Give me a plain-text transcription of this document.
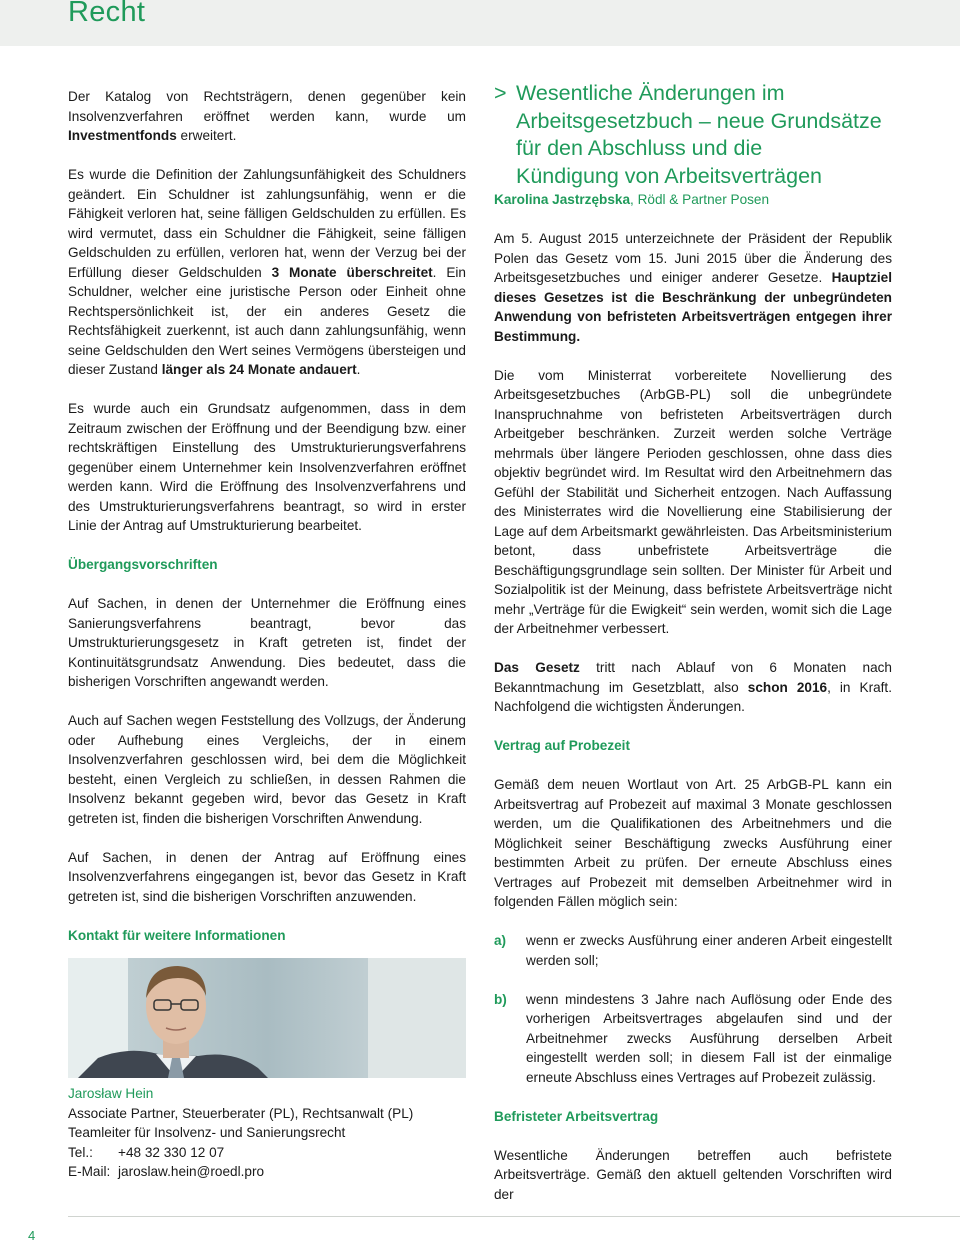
Recht

Der Katalog von Rechtsträgern, denen gegenüber kein Insolvenzverfahren eröffnet werden kann, wurde um Investmentfonds erweitert.

Es wurde die Definition der Zahlungsunfähigkeit des Schuldners geändert. Ein Schuldner ist zahlungsunfähig, wenn er die Fähigkeit verloren hat, seine fälligen Geldschulden zu erfüllen. Es wird vermutet, dass ein Schuldner die Fähigkeit, seine fälligen Geldschulden zu erfüllen, verloren hat, wenn der Verzug bei der Erfüllung dieser Geldschulden 3 Monate überschreitet. Ein Schuldner, welcher eine juristische Person oder Einheit ohne Rechtspersönlichkeit ist, der ein anderes Gesetz die Rechtsfähigkeit zuerkennt, ist auch dann zahlungsunfähig, wenn seine Geldschulden den Wert seines Vermögens übersteigen und dieser Zustand länger als 24 Monate andauert.

Es wurde auch ein Grundsatz aufgenommen, dass in dem Zeitraum zwischen der Eröffnung und der Beendigung bzw. einer rechtskräftigen Einstellung des Umstrukturierungsverfahrens gegenüber einem Unternehmer kein Insolvenzverfahren eröffnet werden kann. Wird die Eröffnung des Insolvenzverfahrens und des Umstrukturierungsverfahrens beantragt, so wird in erster Linie der Antrag auf Umstrukturierung bearbeitet.

Übergangsvorschriften

Auf Sachen, in denen der Unternehmer die Eröffnung eines Sanierungsverfahrens beantragt, bevor das Umstrukturierungsgesetz in Kraft getreten ist, findet der Kontinuitätsgrundsatz Anwendung. Dies bedeutet, dass die bisherigen Vorschriften angewandt werden.

Auch auf Sachen wegen Feststellung des Vollzugs, der Änderung oder Aufhebung eines Vergleichs, der in einem Insolvenzverfahren geschlossen wird, bei dem die Möglichkeit besteht, einen Vergleich zu schließen, in dessen Rahmen die Insolvenz bekannt gegeben wird, bevor das Gesetz in Kraft getreten ist, finden die bisherigen Vorschriften Anwendung.

Auf Sachen, in denen der Antrag auf Eröffnung eines Insolvenzverfahrens eingegangen ist, bevor das Gesetz in Kraft getreten ist, sind die bisherigen Vorschriften anzuwenden.

Kontakt für weitere Informationen

Jarosław Hein

Associate Partner, Steuerberater (PL), Rechtsanwalt (PL)

Teamleiter für Insolvenz- und Sanierungsrecht

Tel.: +48 32 330 12 07

E-Mail: jaroslaw.hein@roedl.pro

> Wesentliche Änderungen im
Arbeitsgesetzbuch – neue Grundsätze
für den Abschluss und die
Kündigung von Arbeitsverträgen

Karolina Jastrzębska, Rödl & Partner Posen

Am 5. August 2015 unterzeichnete der Präsident der Republik Polen das Gesetz vom 15. Juni 2015 über die Änderung des Arbeitsgesetzbuches und einiger anderer Gesetze. Hauptziel dieses Gesetzes ist die Beschränkung der unbegründeten Anwendung von befristeten Arbeitsverträgen entgegen ihrer Bestimmung.

Die vom Ministerrat vorbereitete Novellierung des Arbeitsgesetzbuches (ArbGB-PL) soll die unbegründete Inanspruchnahme von befristeten Arbeitsverträgen durch Arbeitgeber beschränken. Zurzeit werden solche Verträge mehrmals über längere Perioden geschlossen, ohne dass dies objektiv begründet wird. Im Resultat wird den Arbeitnehmern das Gefühl der Stabilität und Sicherheit entzogen. Nach Auffassung des Ministerrates wird die Novellierung eine Stabilisierung der Lage auf dem Arbeitsmarkt gewährleisten. Das Arbeitsministerium betont, dass unbefristete Arbeitsverträge die Beschäftigungsgrundlage sein sollten. Der Minister für Arbeit und Sozialpolitik ist der Meinung, dass befristete Arbeitsverträge nicht mehr „Verträge für die Ewigkeit“ sein werden, womit sich die Lage der Arbeitnehmer verbessert.

Das Gesetz tritt nach Ablauf von 6 Monaten nach Bekanntmachung im Gesetzblatt, also schon 2016, in Kraft. Nachfolgend die wichtigsten Änderungen.

Vertrag auf Probezeit

Gemäß dem neuen Wortlaut von Art. 25 ArbGB-PL kann ein Arbeitsvertrag auf Probezeit auf maximal 3 Monate geschlossen werden, um die Qualifikationen des Arbeitnehmers und die Möglichkeit seiner Beschäftigung zwecks Ausführung einer bestimmten Arbeit zu prüfen. Der erneute Abschluss eines Vertrages auf Probezeit mit demselben Arbeitnehmer wird in folgenden Fällen möglich sein:

a)	wenn er zwecks Ausführung einer anderen Arbeit eingestellt werden soll;
b)	wenn mindestens 3 Jahre nach Auflösung oder Ende des vorherigen Arbeitsvertrages abgelaufen sind und der Arbeitnehmer zwecks Ausführung derselben Arbeit eingestellt werden soll; in diesem Fall ist der einmalige erneute Abschluss eines Vertrages auf Probezeit zulässig.

Befristeter Arbeitsvertrag

Wesentliche Änderungen betreffen auch befristete Arbeitsverträge. Gemäß den aktuell geltenden Vorschriften wird der

4
